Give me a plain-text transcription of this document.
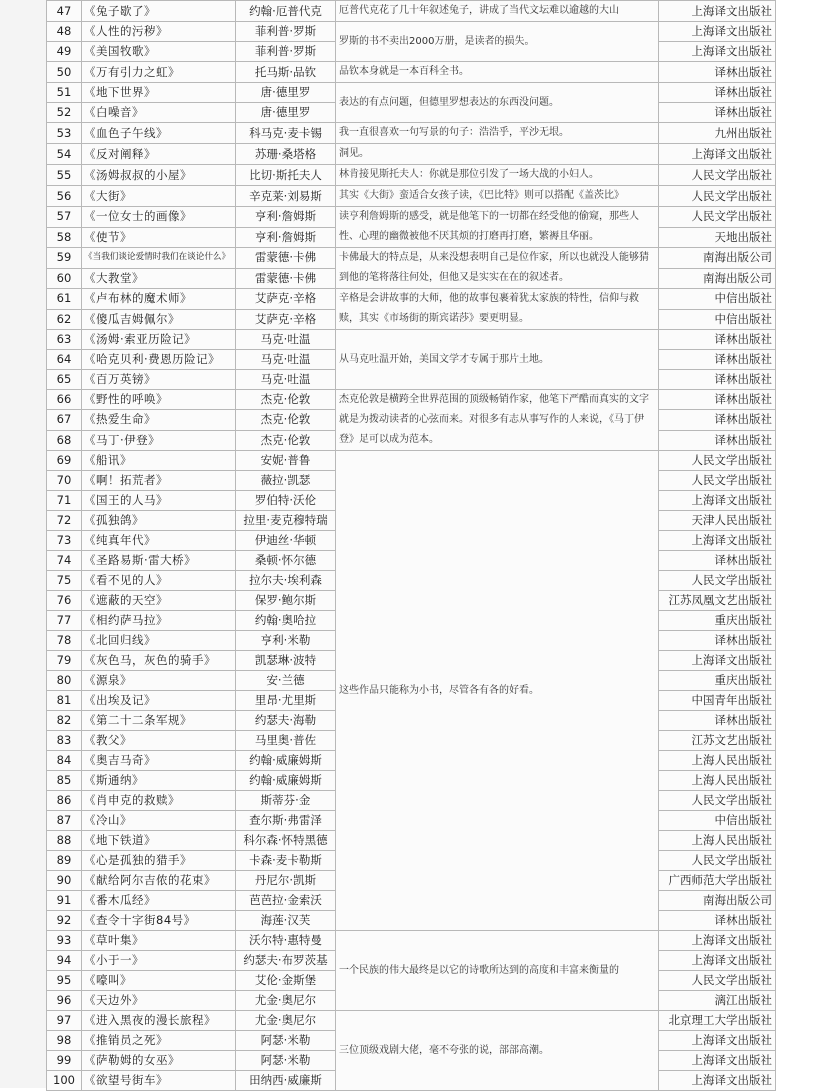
47	《兔子歇了》	约翰·厄普代克	厄普代克花了几十年叙述兔子，讲成了当代文坛难以逾越的大山	上海译文出版社
48	《人性的污秽》	菲利普·罗斯	罗斯的书不卖出2000万册，是读者的损失。	上海译文出版社
49	《美国牧歌》	菲利普·罗斯		上海译文出版社
50	《万有引力之虹》	托马斯·品钦	品钦本身就是一本百科全书。	译林出版社
51	《地下世界》	唐·德里罗	表达的有点问题，但德里罗想表达的东西没问题。	译林出版社
52	《白噪音》	唐·德里罗		译林出版社
53	《血色子午线》	科马克·麦卡锡	我一直很喜欢一句写景的句子：浩浩乎，平沙无垠。	九州出版社
54	《反对阐释》	苏珊·桑塔格	洞见。	上海译文出版社
55	《汤姆叔叔的小屋》	比切·斯托夫人	林肯接见斯托夫人：你就是那位引发了一场大战的小妇人。	人民文学出版社
56	《大街》	辛克莱·刘易斯	其实《大街》蛮适合女孩子读，《巴比特》则可以搭配《盖茨比》	人民文学出版社
57	《一位女士的画像》	亨利·詹姆斯	读亨利詹姆斯的感受，就是他笔下的一切都在经受他的偷窥，那些人性、心理的幽微被他不厌其烦的打磨再打磨，繁褥且华丽。	人民文学出版社
58	《使节》	亨利·詹姆斯		天地出版社
59	《当我们谈论爱情时我们在谈论什么》	雷蒙德·卡佛	卡佛最大的特点是，从来没想表明自己是位作家，所以也就没人能够猜到他的笔将落往何处，但他又是实实在在的叙述者。	南海出版公司
60	《大教堂》	雷蒙德·卡佛		南海出版公司
61	《卢布林的魔术师》	艾萨克·辛格	辛格是会讲故事的大师，他的故事包裹着犹太家族的特性，信仰与救赎，其实《市场街的斯宾诺莎》要更明显。	中信出版社
62	《傻瓜吉姆佩尔》	艾萨克·辛格		中信出版社
63	《汤姆·索亚历险记》	马克·吐温	从马克吐温开始，美国文学才专属于那片土地。	译林出版社
64	《哈克贝利·费恩历险记》	马克·吐温		译林出版社
65	《百万英镑》	马克·吐温		译林出版社
66	《野性的呼唤》	杰克·伦敦	杰克伦敦是横跨全世界范围的顶级畅销作家，他笔下严酷而真实的文字就是为拨动读者的心弦而来。对很多有志从事写作的人来说，《马丁伊登》足可以成为范本。	译林出版社
67	《热爱生命》	杰克·伦敦		译林出版社
68	《马丁·伊登》	杰克·伦敦		译林出版社
69	《船讯》	安妮·普鲁	这些作品只能称为小书，尽管各有各的好看。	人民文学出版社
70	《啊！拓荒者》	薇拉·凯瑟		人民文学出版社
71	《国王的人马》	罗伯特·沃伦		上海译文出版社
72	《孤独鸽》	拉里·麦克穆特瑞		天津人民出版社
73	《纯真年代》	伊迪丝·华顿		上海译文出版社
74	《圣路易斯·雷大桥》	桑顿·怀尔德		译林出版社
75	《看不见的人》	拉尔夫·埃利森		人民文学出版社
76	《遮蔽的天空》	保罗·鲍尔斯		江苏凤凰文艺出版社
77	《相约萨马拉》	约翰·奥哈拉		重庆出版社
78	《北回归线》	亨利·米勒		译林出版社
79	《灰色马，灰色的骑手》	凯瑟琳·波特		上海译文出版社
80	《源泉》	安·兰德		重庆出版社
81	《出埃及记》	里昂·尤里斯		中国青年出版社
82	《第二十二条军规》	约瑟夫·海勒		译林出版社
83	《教父》	马里奥·普佐		江苏文艺出版社
84	《奥吉马奇》	约翰·威廉姆斯		上海人民出版社
85	《斯通纳》	约翰·威廉姆斯		上海人民出版社
86	《肖申克的救赎》	斯蒂芬·金		人民文学出版社
87	《冷山》	查尔斯·弗雷泽		中信出版社
88	《地下铁道》	科尔森·怀特黑德		上海人民出版社
89	《心是孤独的猎手》	卡森·麦卡勒斯		人民文学出版社
90	《献给阿尔吉侬的花束》	丹尼尔·凯斯		广西师范大学出版社
91	《番木瓜经》	芭芭拉·金索沃		南海出版公司
92	《查令十字街84号》	海莲·汉芙		译林出版社
93	《草叶集》	沃尔特·惠特曼	一个民族的伟大最终是以它的诗歌所达到的高度和丰富来衡量的	上海译文出版社
94	《小于一》	约瑟夫·布罗茨基		上海译文出版社
95	《嚎叫》	艾伦·金斯堡		人民文学出版社
96	《天边外》	尤金·奥尼尔		漓江出版社
97	《进入黑夜的漫长旅程》	尤金·奥尼尔	三位顶级戏剧大佬，毫不夸张的说，部部高潮。	北京理工大学出版社
98	《推销员之死》	阿瑟·米勒		上海译文出版社
99	《萨勒姆的女巫》	阿瑟·米勒		上海译文出版社
100	《欲望号街车》	田纳西·威廉斯		上海译文出版社
